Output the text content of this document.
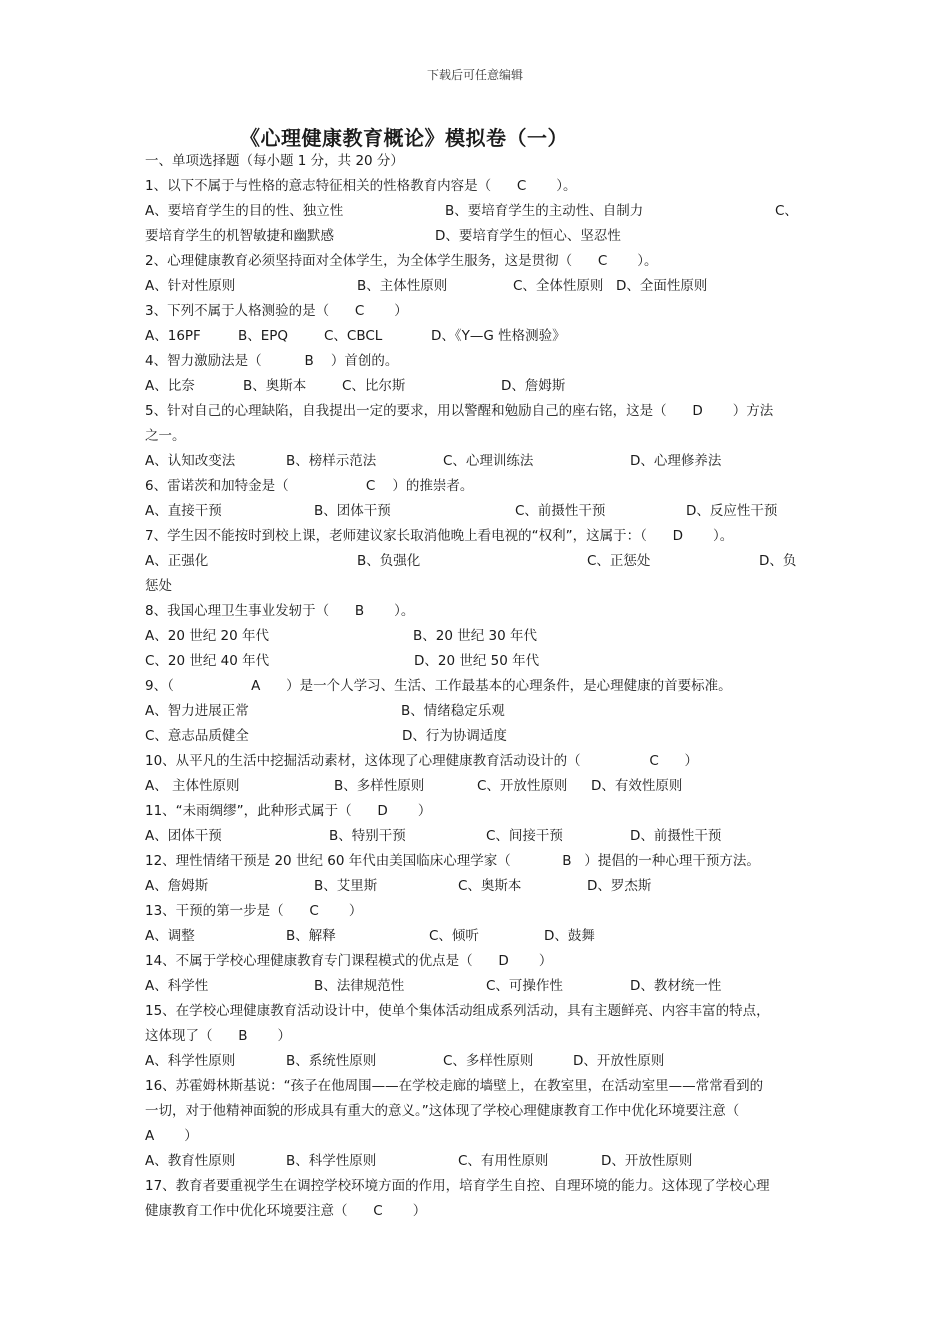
下载后可任意编辑
《心理健康教育概论》模拟卷（一）
一、单项选择题（每小题 1 分，共 20 分）
1、以下不属于与性格的意志特征相关的性格教育内容是（      C       ）。

A、要培育学生的目的性、独立性

	B、要培育学生的主动性、自制力

	C、

要培育学生的机智敏捷和幽默感

	D、要培育学生的恒心、坚忍性

2、心理健康教育必须坚持面对全体学生，为全体学生服务，这是贯彻（      C       ）。

A、针对性原则

	B、主体性原则

	C、全体性原则

D、全面性原则

3、下列不属于人格测验的是（      C       ）

A、16PF

	B、EPQ

	C、CBCL

	D、《Y—G 性格测验》

4、智力激励法是（          B    ）首创的。

A、比奈

	B、奥斯本

	C、比尔斯

	D、詹姆斯

5、针对自己的心理缺陷，自我提出一定的要求，用以警醒和勉励自己的座右铭，这是（      D       ）方法
之一。

A、认知改变法

	B、榜样示范法

	C、心理训练法

	D、心理修养法

6、雷诺茨和加特金是（                  C    ）的推崇者。

A、直接干预

	B、团体干预

	C、前摄性干预

	D、反应性干预

7、学生因不能按时到校上课，老师建议家长取消他晚上看电视的“权利”，这属于：（      D       ）。

A、正强化

	B、负强化

	C、正惩处

	D、负

惩处

8、我国心理卫生事业发轫于（      B       ）。

A、20 世纪 20 年代

	B、20 世纪 30 年代

C、20 世纪 40 年代

	D、20 世纪 50 年代

9、（                  A      ）是一个人学习、生活、工作最基本的心理条件，是心理健康的首要标准。

A、智力进展正常

	B、情绪稳定乐观

C、意志品质健全

	D、行为协调适度

10、从平凡的生活中挖掘活动素材，这体现了心理健康教育活动设计的（                C      ）

A、 主体性原则

	B、多样性原则

	C、开放性原则

D、有效性原则

11、“未雨绸缪”，此种形式属于（      D       ）

A、团体干预

	B、特别干预

	C、间接干预

	D、前摄性干预

12、理性情绪干预是 20 世纪 60 年代由美国临床心理学家（            B   ）提倡的一种心理干预方法。

A、詹姆斯

	B、艾里斯

	C、奥斯本

	D、罗杰斯

13、干预的第一步是（      C       ）

A、调整

	B、解释

	C、倾听

	D、鼓舞

14、不属于学校心理健康教育专门课程模式的优点是（      D       ）

A、科学性

	B、法律规范性

	C、可操作性

	D、教材统一性

15、在学校心理健康教育活动设计中，使单个集体活动组成系列活动，具有主题鲜亮、内容丰富的特点，
这体现了（      B       ）

A、科学性原则

	B、系统性原则

	C、多样性原则

	D、开放性原则

16、苏霍姆林斯基说：“孩子在他周围——在学校走廊的墙壁上，在教室里，在活动室里——常常看到的
一切，对于他精神面貌的形成具有重大的意义。”这体现了学校心理健康教育工作中优化环境要注意（
A       ）

A、教育性原则

	B、科学性原则

	C、有用性原则

	D、开放性原则

17、教育者要重视学生在调控学校环境方面的作用，培育学生自控、自理环境的能力。这体现了学校心理
健康教育工作中优化环境要注意（      C       ）
